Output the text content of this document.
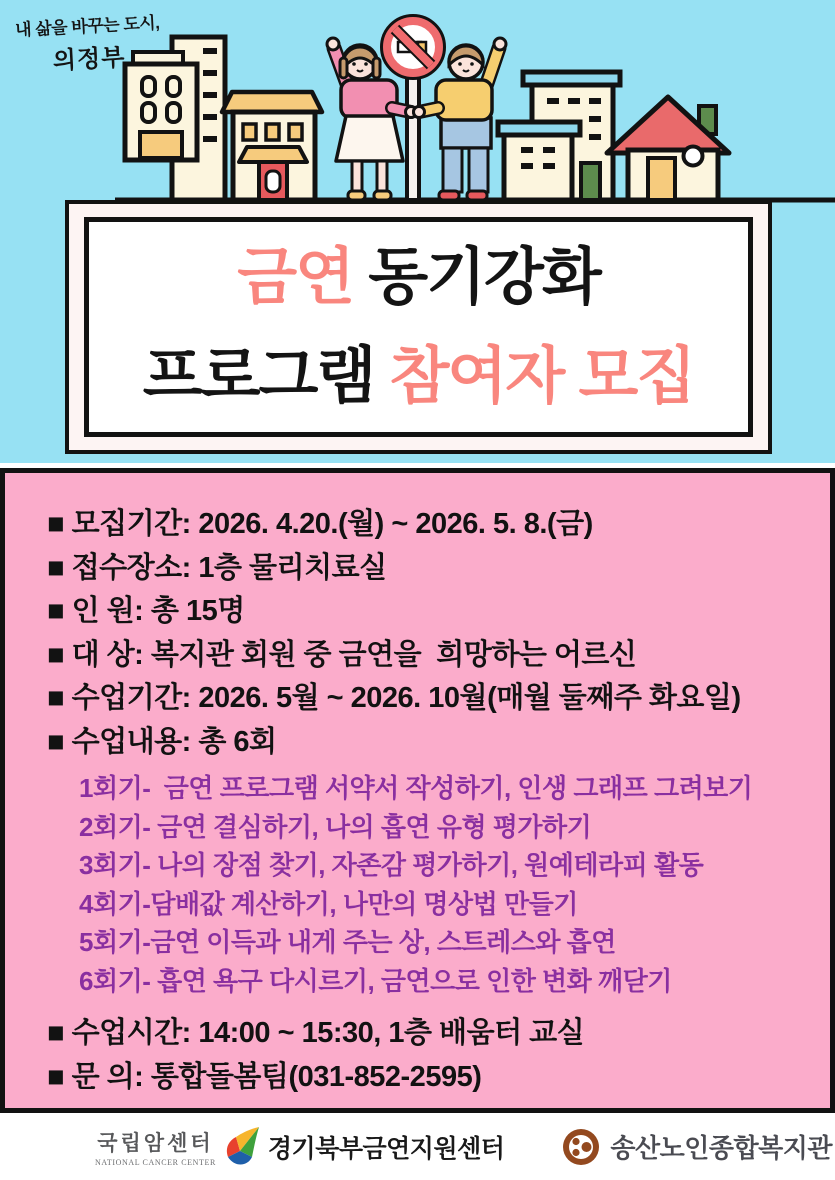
내 삶을 바꾸는 도시,
의정부
금연 동기강화
프로그램 참여자 모집
■ 모집기간: 2026. 4.20.(월) ~ 2026. 5. 8.(금)
■ 접수장소: 1층 물리치료실
■ 인 원: 총 15명
■ 대 상: 복지관 회원 중 금연을  희망하는 어르신
■ 수업기간: 2026. 5월 ~ 2026. 10월(매월 둘째주 화요일)
■ 수업내용: 총 6회
1회기-  금연 프로그램 서약서 작성하기, 인생 그래프 그려보기
2회기- 금연 결심하기, 나의 흡연 유형 평가하기
3회기- 나의 장점 찾기, 자존감 평가하기, 원예테라피 활동
4회기-담배값 계산하기, 나만의 명상법 만들기
5회기-금연 이득과 내게 주는 상, 스트레스와 흡연
6회기- 흡연 욕구 다시르기, 금연으로 인한 변화 깨닫기
■ 수업시간: 14:00 ~ 15:30, 1층 배움터 교실
■ 문 의: 통합돌봄팀(031-852-2595)
국립암센터
NATIONAL CANCER CENTER 경기북부금연지원센터	송산노인종합복지관
